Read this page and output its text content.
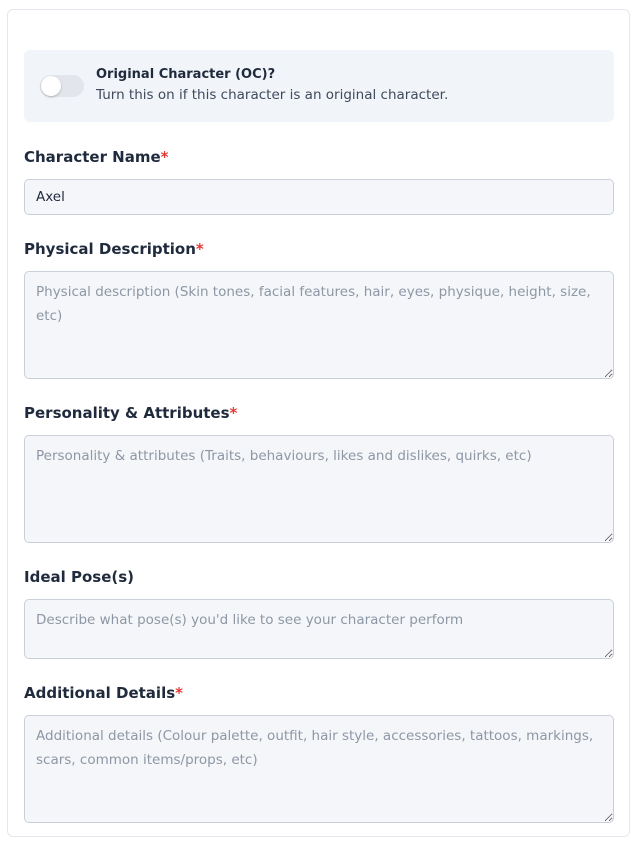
Original Character (OC)?
Turn this on if this character is an original character.
Character Name*
Axel
Physical Description*
Physical description (Skin tones, facial features, hair, eyes, physique, height, size, etc)
Personality & Attributes*
Personality & attributes (Traits, behaviours, likes and dislikes, quirks, etc)
Ideal Pose(s)
Describe what pose(s) you'd like to see your character perform
Additional Details*
Additional details (Colour palette, outfit, hair style, accessories, tattoos, markings, scars, common items/props, etc)
